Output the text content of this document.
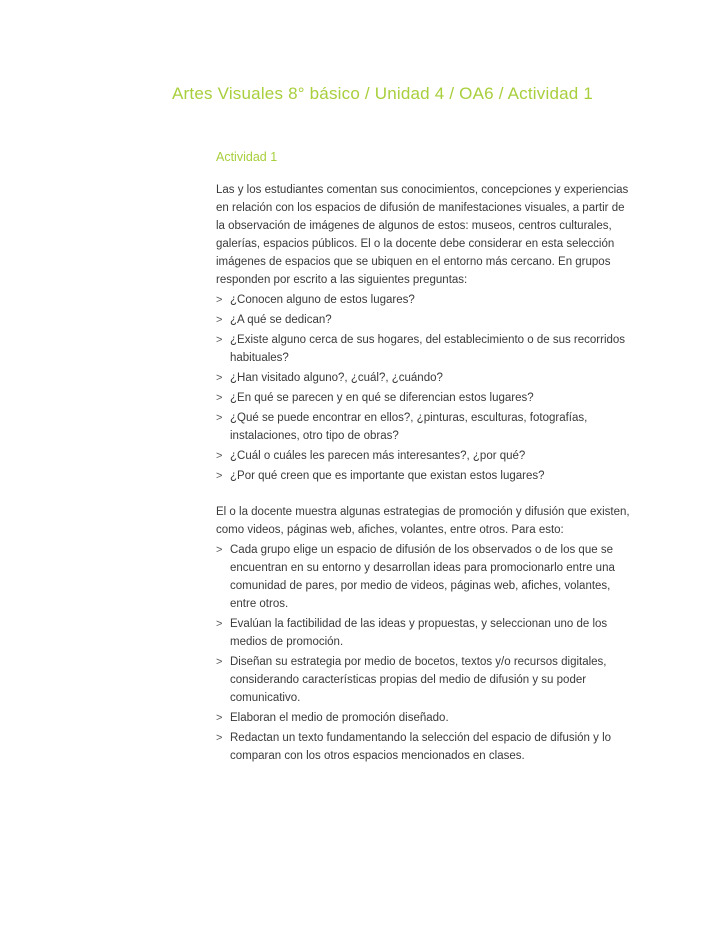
Artes Visuales 8° básico / Unidad 4 / OA6 / Actividad 1
Actividad 1

Las y los estudiantes comentan sus conocimientos, concepciones y experiencias en relación con los espacios de difusión de manifestaciones visuales, a partir de la observación de imágenes de algunos de estos: museos, centros culturales, galerías, espacios públicos. El o la docente debe considerar en esta selección imágenes de espacios que se ubiquen en el entorno más cercano. En grupos responden por escrito a las siguientes preguntas:

> ¿Conocen alguno de estos lugares?
> ¿A qué se dedican?
> ¿Existe alguno cerca de sus hogares, del establecimiento o de sus recorridos habituales?
> ¿Han visitado alguno?, ¿cuál?, ¿cuándo?
> ¿En qué se parecen y en qué se diferencian estos lugares?
> ¿Qué se puede encontrar en ellos?, ¿pinturas, esculturas, fotografías, instalaciones, otro tipo de obras?
> ¿Cuál o cuáles les parecen más interesantes?, ¿por qué?
> ¿Por qué creen que es importante que existan estos lugares?

El o la docente muestra algunas estrategias de promoción y difusión que existen, como videos, páginas web, afiches, volantes, entre otros. Para esto:

> Cada grupo elige un espacio de difusión de los observados o de los que se encuentran en su entorno y desarrollan ideas para promocionarlo entre una comunidad de pares, por medio de videos, páginas web, afiches, volantes, entre otros.
> Evalúan la factibilidad de las ideas y propuestas, y seleccionan uno de los medios de promoción.
> Diseñan su estrategia por medio de bocetos, textos y/o recursos digitales, considerando características propias del medio de difusión y su poder comunicativo.
> Elaboran el medio de promoción diseñado.
> Redactan un texto fundamentando la selección del espacio de difusión y lo comparan con los otros espacios mencionados en clases.
